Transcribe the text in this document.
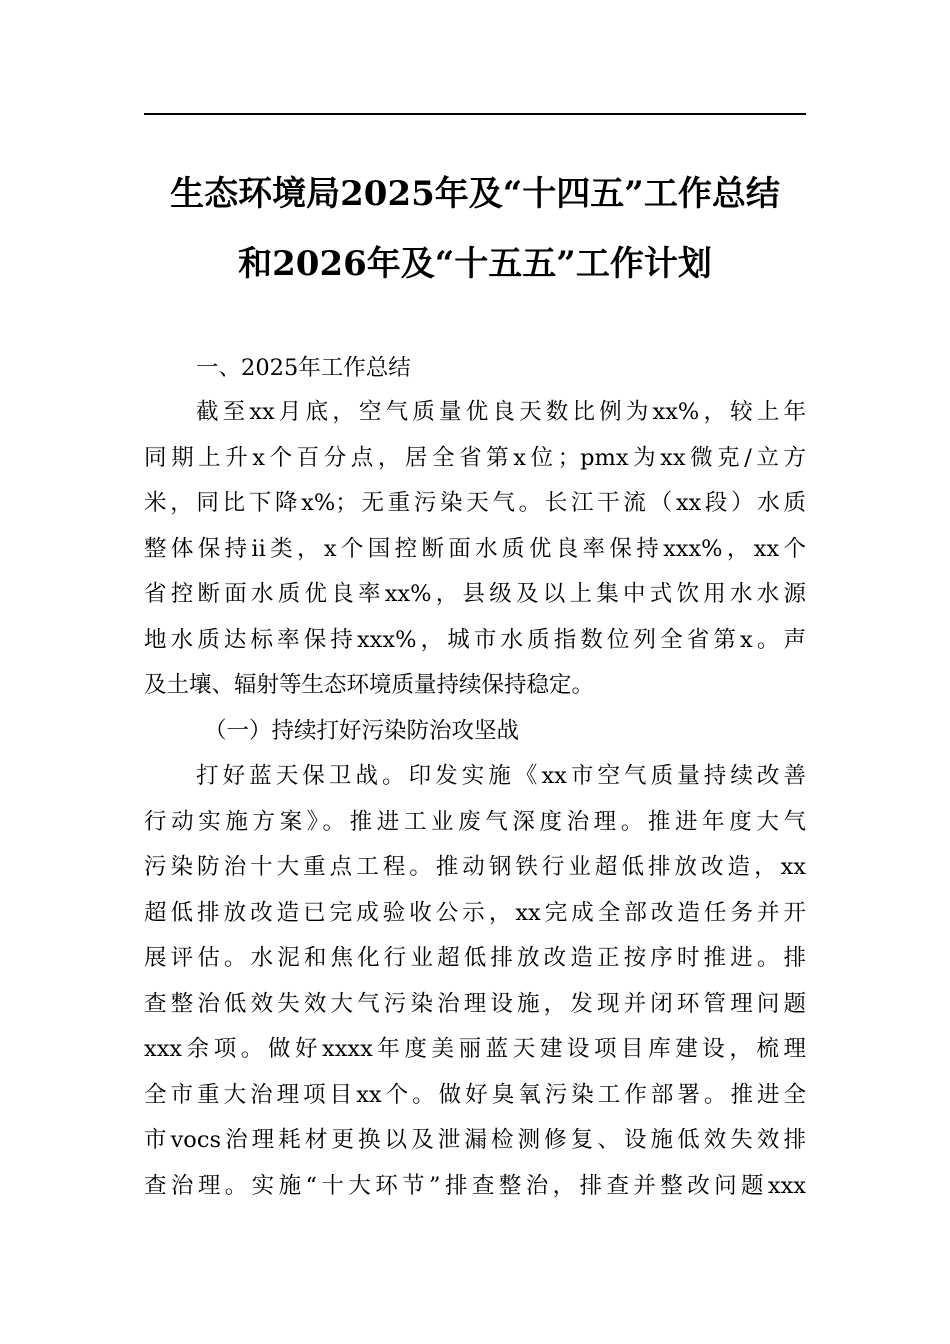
生态环境局2025年及“十四五”工作总结
和2026年及“十五五”工作计划
一、2025年工作总结
截至xx月底，空气质量优良天数比例为xx%，较上年
同期上升x个百分点，居全省第x位；pmx为xx微克/立方
米，同比下降x%；无重污染天气。长江干流（xx段）水质
整体保持ii类，x个国控断面水质优良率保持xxx%，xx个
省控断面水质优良率xx%，县级及以上集中式饮用水水源
地水质达标率保持xxx%，城市水质指数位列全省第x。声
及土壤、辐射等生态环境质量持续保持稳定。
（一）持续打好污染防治攻坚战
打好蓝天保卫战。印发实施《xx市空气质量持续改善
行动实施方案》。推进工业废气深度治理。推进年度大气
污染防治十大重点工程。推动钢铁行业超低排放改造，xx
超低排放改造已完成验收公示，xx完成全部改造任务并开
展评估。水泥和焦化行业超低排放改造正按序时推进。排
查整治低效失效大气污染治理设施，发现并闭环管理问题
xxx余项。做好xxxx年度美丽蓝天建设项目库建设，梳理
全市重大治理项目xx个。做好臭氧污染工作部署。推进全
市vocs治理耗材更换以及泄漏检测修复、设施低效失效排
查治理。实施“十大环节”排查整治，排查并整改问题xxx
